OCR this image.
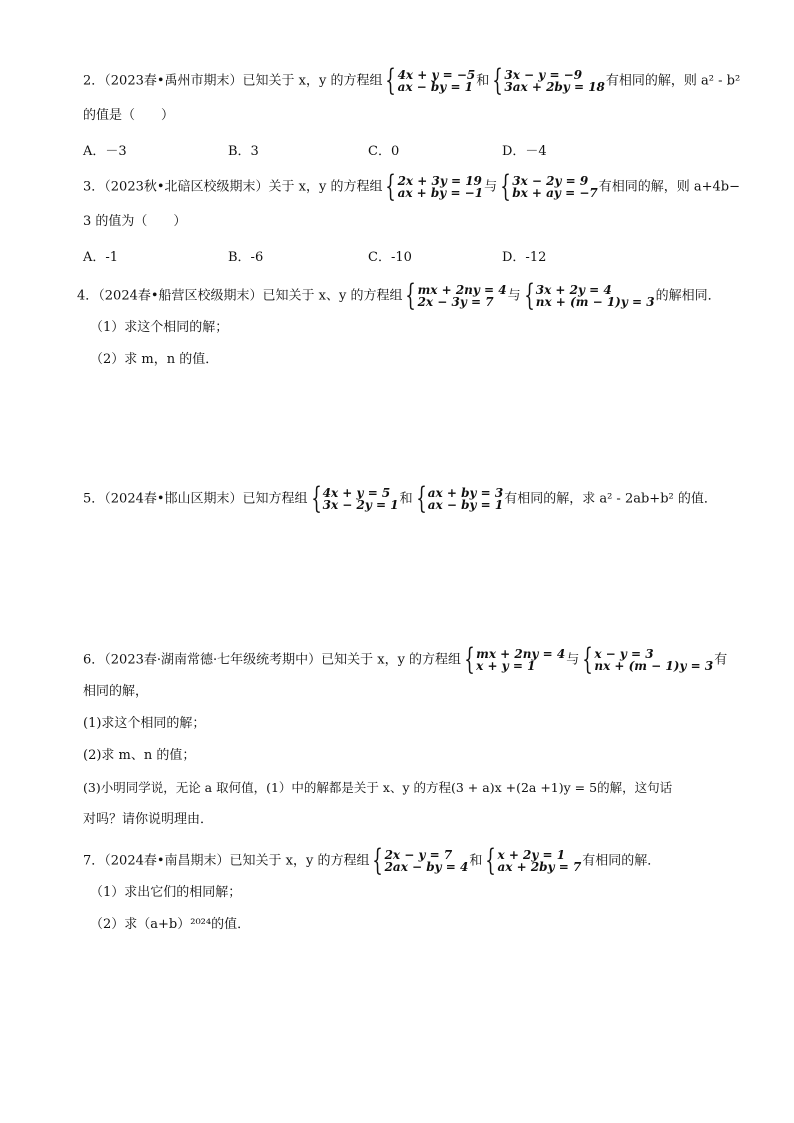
2．（2023春•禹州市期末）已知关于 x，y 的方程组 { 4x + y = −5
ax − by = 1 和 { 3x − y = −9
3ax + 2by = 18 有相同的解，则 a² - b²
的值是（　　）
A．－3	B．3	C．0	D．－4
3．（2023秋•北碚区校级期末）关于 x，y 的方程组 { 2x + 3y = 19
ax + by = −1 与 { 3x − 2y = 9
bx + ay = −7 有相同的解，则 a+4b−
3 的值为（　　）
A．-1	B．-6	C．-10	D．-12
4．（2024春•船营区校级期末）已知关于 x、y 的方程组 { mx + 2ny = 4
2x − 3y = 7	与 { 3x + 2y = 4
nx + (m − 1)y = 3 的解相同．
（1）求这个相同的解；
（2）求 m，n 的值．
5．（2024春•邯山区期末）已知方程组 { 4x + y = 5
3x − 2y = 1 和 { ax + by = 3
ax − by = 1 有相同的解，求 a² - 2ab+b² 的值．
6．（2023春·湖南常德·七年级统考期中）已知关于 x，y 的方程组 { mx + 2ny = 4
x + y = 1	与 { x − y = 3
nx + (m − 1)y = 3 有
相同的解，
(1)求这个相同的解；
(2)求 m、n 的值；
(3)小明同学说，无论 a 取何值，(1）中的解都是关于 x、y 的方程(3 + a)x +(2a +1)y = 5的解，这句话
对吗？请你说明理由．
7．（2024春•南昌期末）已知关于 x，y 的方程组 { 2x − y = 7
2ax − by = 4 和 { x + 2y = 1
ax + 2by = 7 有相同的解．
（1）求出它们的相同解；
（2）求（a+b）²⁰²⁴的值．
